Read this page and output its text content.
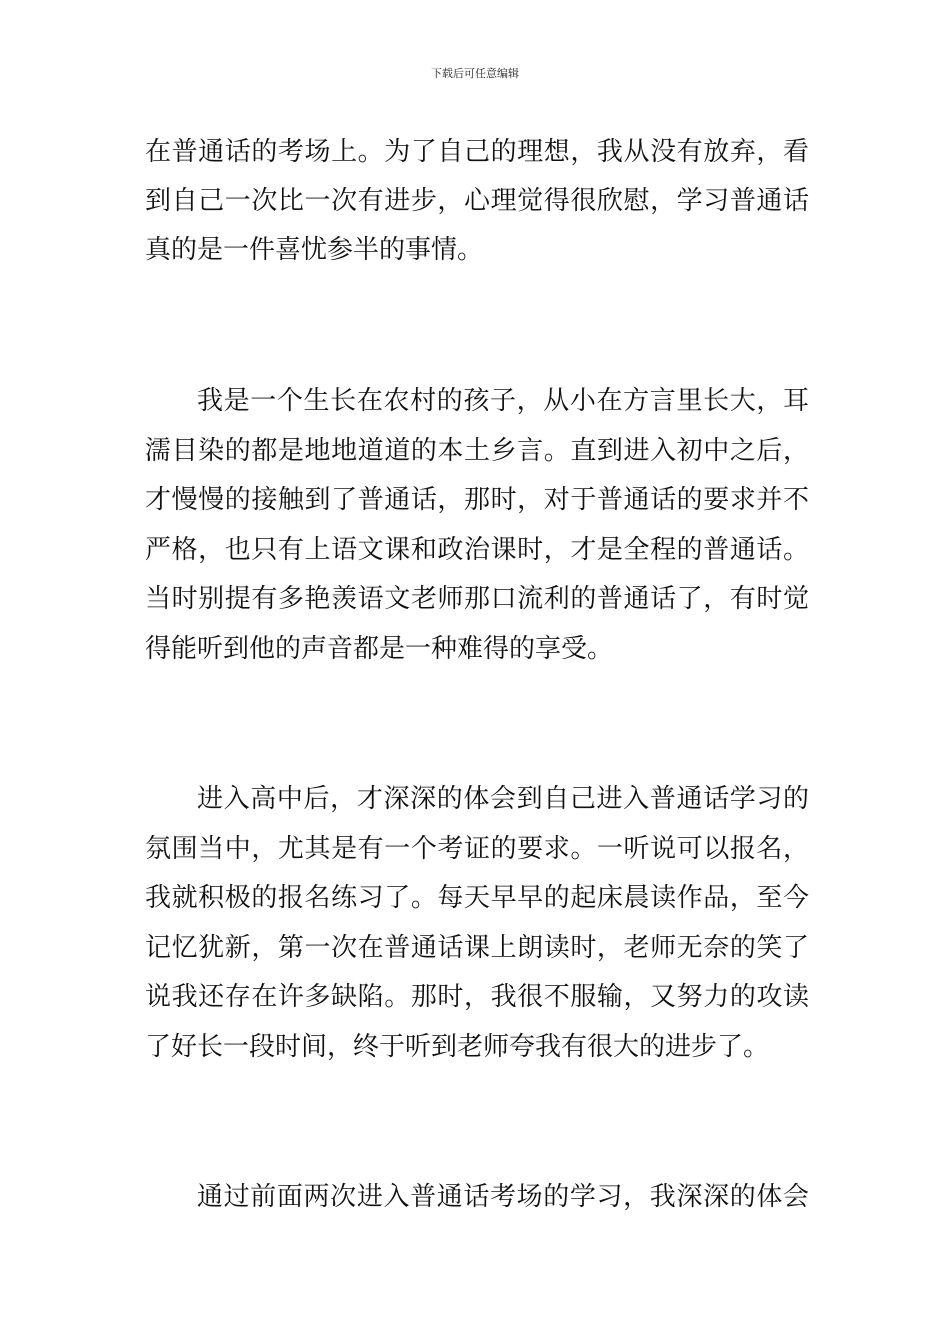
下载后可任意编辑
在普通话的考场上。为了自己的理想，我从没有放弃，看
到自己一次比一次有进步，心理觉得很欣慰，学习普通话
真的是一件喜忧参半的事情。
我是一个生长在农村的孩子，从小在方言里长大，耳
濡目染的都是地地道道的本土乡言。直到进入初中之后，
才慢慢的接触到了普通话，那时，对于普通话的要求并不
严格，也只有上语文课和政治课时，才是全程的普通话。
当时别提有多艳羡语文老师那口流利的普通话了，有时觉
得能听到他的声音都是一种难得的享受。
进入高中后，才深深的体会到自己进入普通话学习的
氛围当中，尤其是有一个考证的要求。一听说可以报名，
我就积极的报名练习了。每天早早的起床晨读作品，至今
记忆犹新，第一次在普通话课上朗读时，老师无奈的笑了
说我还存在许多缺陷。那时，我很不服输，又努力的攻读
了好长一段时间，终于听到老师夸我有很大的进步了。
通过前面两次进入普通话考场的学习，我深深的体会
